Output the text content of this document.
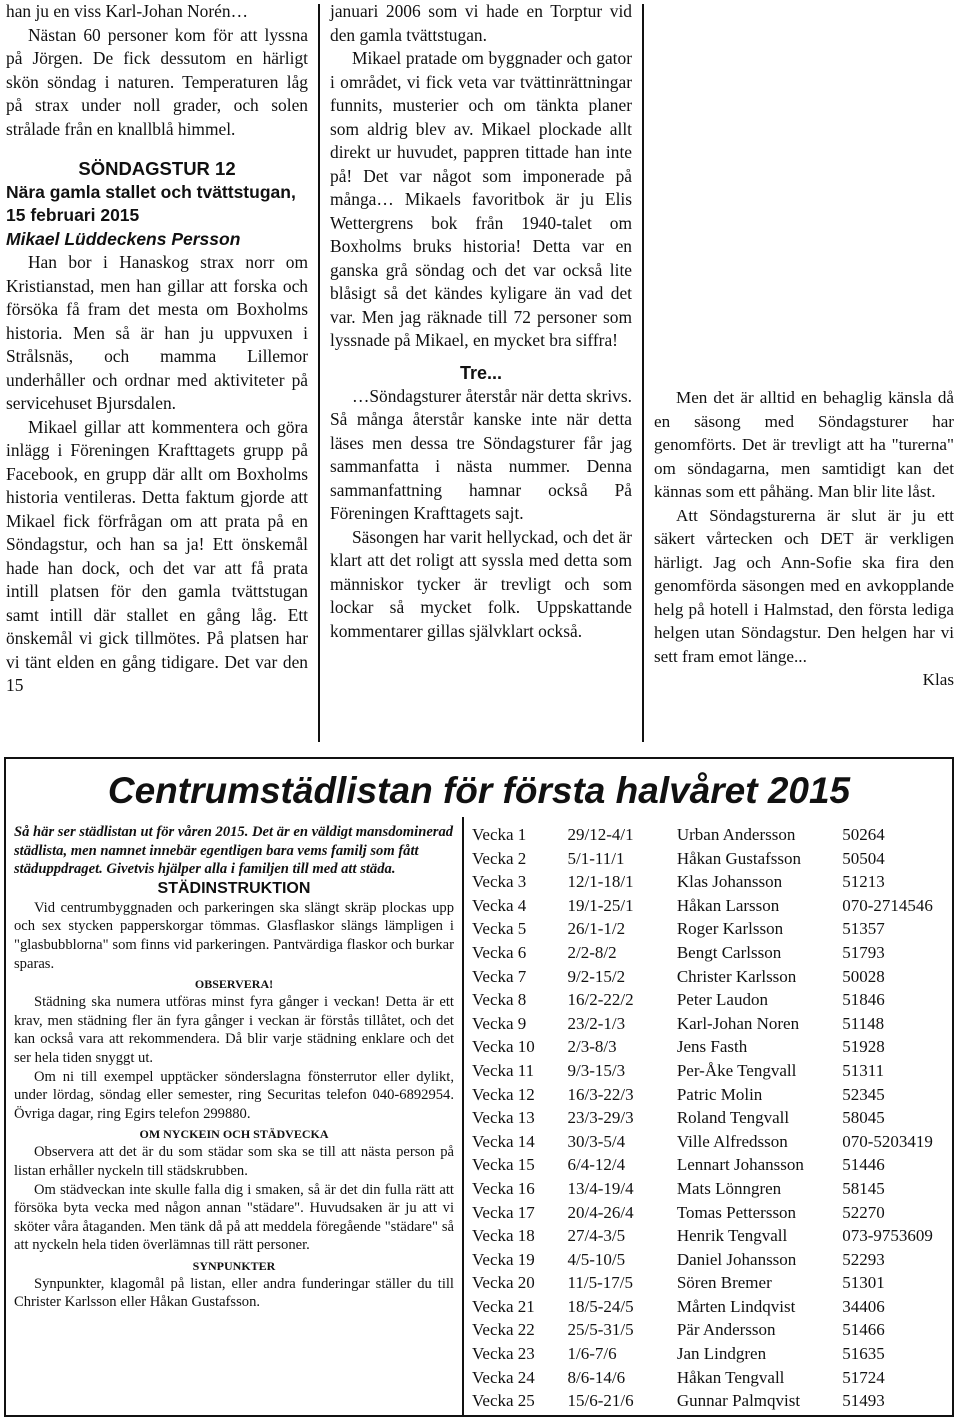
han ju en viss Karl-Johan Norén…

Nästan 60 personer kom för att lyssna på Jörgen. De fick dessutom en härligt skön söndag i naturen. Temperaturen låg på strax under noll grader, och solen strålade från en knallblå himmel.

SÖNDAGSTUR 12
Nära gamla stallet och tvättstugan, 15 februari 2015
Mikael Lüddeckens Persson

Han bor i Hanaskog strax norr om Kristianstad, men han gillar att forska och försöka få fram det mesta om Boxholms historia. Men så är han ju uppvuxen i Strålsnäs, och mamma Lillemor underhåller och ordnar med aktiviteter på servicehuset Bjursdalen.

Mikael gillar att kommentera och göra inlägg i Föreningen Krafttagets grupp på Facebook, en grupp där allt om Boxholms historia ventileras. Detta faktum gjorde att Mikael fick förfrågan om att prata på en Söndagstur, och han sa ja! Ett önskemål hade han dock, och det var att få prata intill platsen för den gamla tvättstugan samt intill där stallet en gång låg. Ett önskemål vi gick tillmötes. På platsen har vi tänt elden en gång tidigare. Det var den 15

januari 2006 som vi hade en Torptur vid den gamla tvättstugan.

Mikael pratade om byggnader och gator i området, vi fick veta var tvättinrättningar funnits, musterier och om tänkta planer som aldrig blev av. Mikael plockade allt direkt ur huvudet, pappren tittade han inte på! Det var något som imponerade på många… Mikaels favoritbok är ju Elis Wettergrens bok från 1940-talet om Boxholms bruks historia! Detta var en ganska grå söndag och det var också lite blåsigt så det kändes kyligare än vad det var. Men jag räknade till 72 personer som lyssnade på Mikael, en mycket bra siffra!

Tre...

…Söndagsturer återstår när detta skrivs. Så många återstår kanske inte när detta läses men dessa tre Söndagsturer får jag sammanfatta i nästa nummer. Denna sammanfattning hamnar också På Föreningen Krafttagets sajt.

Säsongen har varit hellyckad, och det är klart att det roligt att syssla med detta som människor tycker är trevligt och som lockar så mycket folk. Uppskattande kommentarer gillas självklart också.

Men det är alltid en behaglig känsla då en säsong med Söndagsturer har genomförts. Det är trevligt att ha "turerna" om söndagarna, men samtidigt kan det kännas som ett påhäng. Man blir lite låst.

Att Söndagsturerna är slut är ju ett säkert vårtecken och DET är verkligen härligt. Jag och Ann-Sofie ska fira den genomförda säsongen med en avkopplande helg på hotell i Halmstad, den första lediga helgen utan Söndagstur. Den helgen har vi sett fram emot länge...

Klas

Centrumstädlistan för första halvåret 2015

Så här ser städlistan ut för våren 2015. Det är en väldigt mansdominerad städlista, men namnet innebär egentligen bara vems familj som fått städuppdraget. Givetvis hjälper alla i familjen till med att städa.

STÄDINSTRUKTION

Vid centrumbyggnaden och parkeringen ska slängt skräp plockas upp och sex stycken papperskorgar tömmas. Glasflaskor slängs lämpligen i "glasbubblorna" som finns vid parkeringen. Pantvärdiga flaskor och burkar sparas.

OBSERVERA!

Städning ska numera utföras minst fyra gånger i veckan! Detta är ett krav, men städning fler än fyra gånger i veckan är förstås tillåtet, och det kan också vara att rekommendera. Då blir varje städning enklare och det ser hela tiden snyggt ut.

Om ni till exempel upptäcker sönderslagna fönsterrutor eller dylikt, under lördag, söndag eller semester, ring Securitas telefon 040-6892954. Övriga dagar, ring Egirs telefon 299880.

OM NYCKEIN OCH STÄDVECKA

Observera att det är du som städar som ska se till att nästa person på listan erhåller nyckeln till städskrubben.

Om städveckan inte skulle falla dig i smaken, så är det din fulla rätt att försöka byta vecka med någon annan "städare". Huvudsaken är ju att vi sköter våra åtaganden. Men tänk då på att meddela föregående "städare" så att nyckeln hela tiden överlämnas till rätt personer.

SYNPUNKTER

Synpunkter, klagomål på listan, eller andra funderingar ställer du till Christer Karlsson eller Håkan Gustafsson.

Vecka 1	29/12-4/1	Urban Andersson	50264
Vecka 2	5/1-11/1	Håkan Gustafsson	50504
Vecka 3	12/1-18/1	Klas Johansson	51213
Vecka 4	19/1-25/1	Håkan Larsson	070-2714546
Vecka 5	26/1-1/2	Roger Karlsson	51357
Vecka 6	2/2-8/2	Bengt Carlsson	51793
Vecka 7	9/2-15/2	Christer Karlsson	50028
Vecka 8	16/2-22/2	Peter Laudon	51846
Vecka 9	23/2-1/3	Karl-Johan Noren	51148
Vecka 10	2/3-8/3	Jens Fasth	51928
Vecka 11	9/3-15/3	Per-Åke Tengvall	51311
Vecka 12	16/3-22/3	Patric Molin	52345
Vecka 13	23/3-29/3	Roland Tengvall	58045
Vecka 14	30/3-5/4	Ville Alfredsson	070-5203419
Vecka 15	6/4-12/4	Lennart Johansson	51446
Vecka 16	13/4-19/4	Mats Lönngren	58145
Vecka 17	20/4-26/4	Tomas Pettersson	52270
Vecka 18	27/4-3/5	Henrik Tengvall	073-9753609
Vecka 19	4/5-10/5	Daniel Johansson	52293
Vecka 20	11/5-17/5	Sören Bremer	51301
Vecka 21	18/5-24/5	Mårten Lindqvist	34406
Vecka 22	25/5-31/5	Pär Andersson	51466
Vecka 23	1/6-7/6	Jan Lindgren	51635
Vecka 24	8/6-14/6	Håkan Tengvall	51724
Vecka 25	15/6-21/6	Gunnar Palmqvist	51493
